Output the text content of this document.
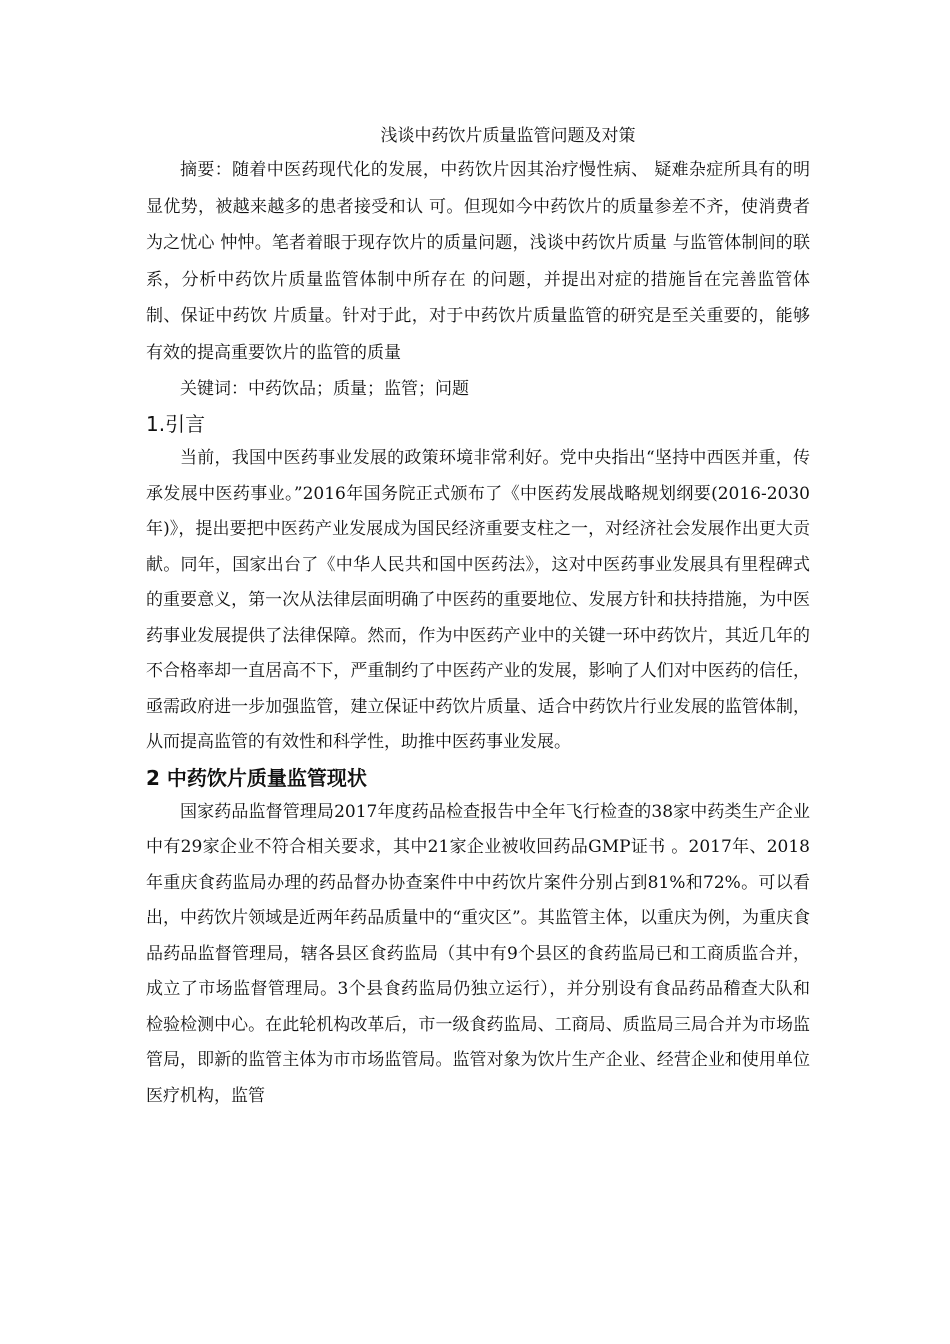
浅谈中药饮片质量监管问题及对策

摘要：随着中医药现代化的发展，中药饮片因其治疗慢性病、 疑难杂症所具有的明显优势，被越来越多的患者接受和认 可。但现如今中药饮片的质量参差不齐，使消费者为之忧心 忡忡。笔者着眼于现存饮片的质量问题，浅谈中药饮片质量 与监管体制间的联系，分析中药饮片质量监管体制中所存在 的问题，并提出对症的措施旨在完善监管体制、保证中药饮 片质量。针对于此，对于中药饮片质量监管的研究是至关重要的，能够有效的提高重要饮片的监管的质量

关键词：中药饮品；质量；监管；问题

1.引言

当前，我国中医药事业发展的政策环境非常利好。党中央指出“坚持中西医并重，传承发展中医药事业。”2016年国务院正式颁布了《中医药发展战略规划纲要(2016-2030年)》，提出要把中医药产业发展成为国民经济重要支柱之一，对经济社会发展作出更大贡献。同年，国家出台了《中华人民共和国中医药法》，这对中医药事业发展具有里程碑式的重要意义，第一次从法律层面明确了中医药的重要地位、发展方针和扶持措施，为中医药事业发展提供了法律保障。然而，作为中医药产业中的关键一环中药饮片，其近几年的不合格率却一直居高不下，严重制约了中医药产业的发展，影响了人们对中医药的信任，亟需政府进一步加强监管，建立保证中药饮片质量、适合中药饮片行业发展的监管体制，从而提高监管的有效性和科学性，助推中医药事业发展。

2 中药饮片质量监管现状

国家药品监督管理局2017年度药品检查报告中全年飞行检查的38家中药类生产企业中有29家企业不符合相关要求，其中21家企业被收回药品GMP证书 。2017年、2018年重庆食药监局办理的药品督办协查案件中中药饮片案件分别占到81%和72%。可以看出，中药饮片领域是近两年药品质量中的“重灾区”。其监管主体，以重庆为例，为重庆食品药品监督管理局，辖各县区食药监局（其中有9个县区的食药监局已和工商质监合并，成立了市场监督管理局。3个县食药监局仍独立运行），并分别设有食品药品稽查大队和检验检测中心。在此轮机构改革后，市一级食药监局、工商局、质监局三局合并为市场监管局，即新的监管主体为市市场监管局。监管对象为饮片生产企业、经营企业和使用单位医疗机构，监管
